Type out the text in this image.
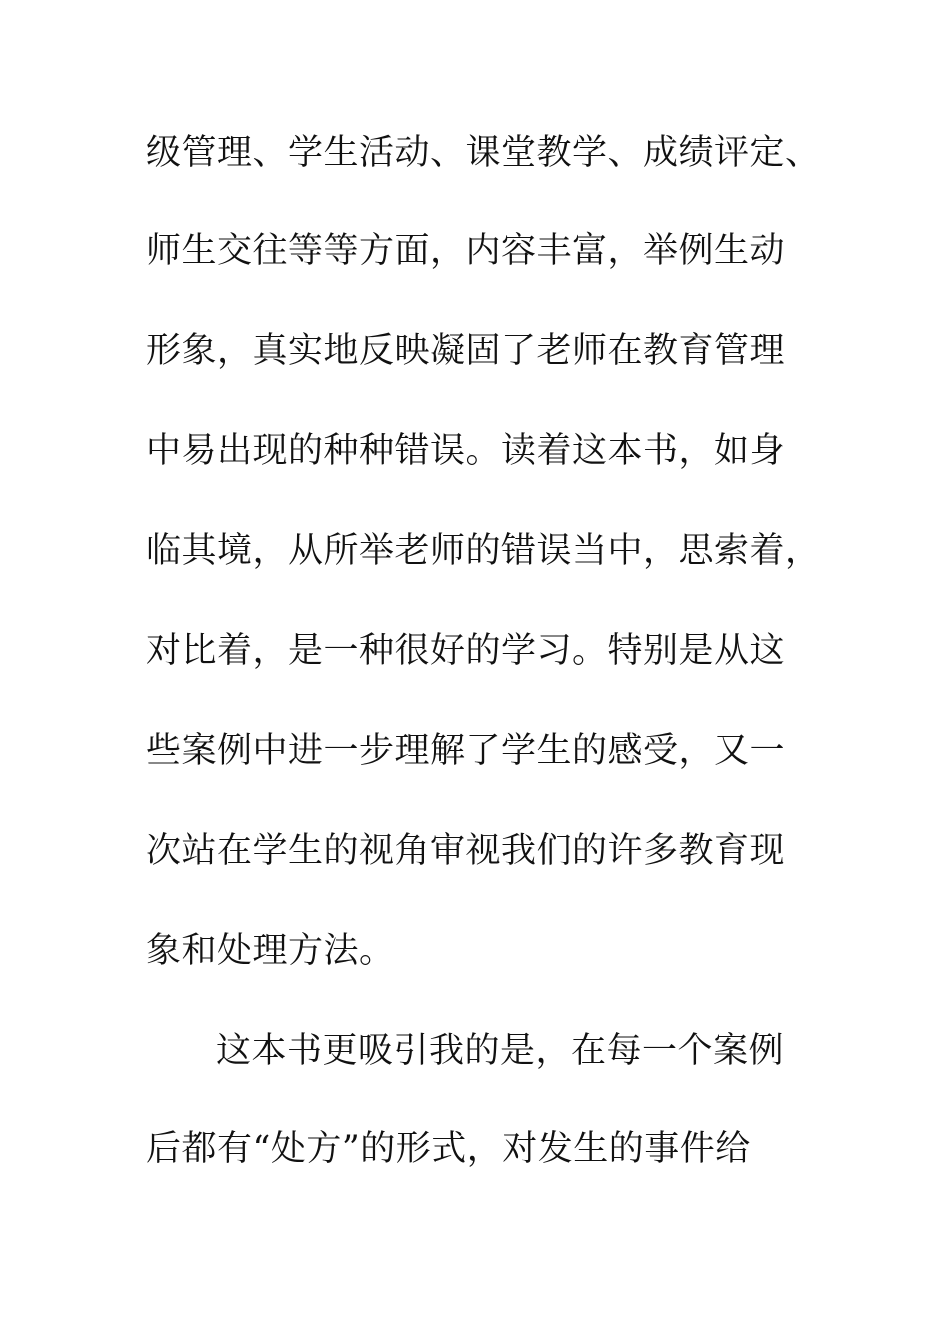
级管理、学生活动、课堂教学、成绩评定、
师生交往等等方面，内容丰富，举例生动
形象，真实地反映凝固了老师在教育管理
中易出现的种种错误。读着这本书，如身
临其境，从所举老师的错误当中，思索着，
对比着，是一种很好的学习。特别是从这
些案例中进一步理解了学生的感受，又一
次站在学生的视角审视我们的许多教育现
象和处理方法。
这本书更吸引我的是，在每一个案例
后都有“处方”的形式，对发生的事件给
